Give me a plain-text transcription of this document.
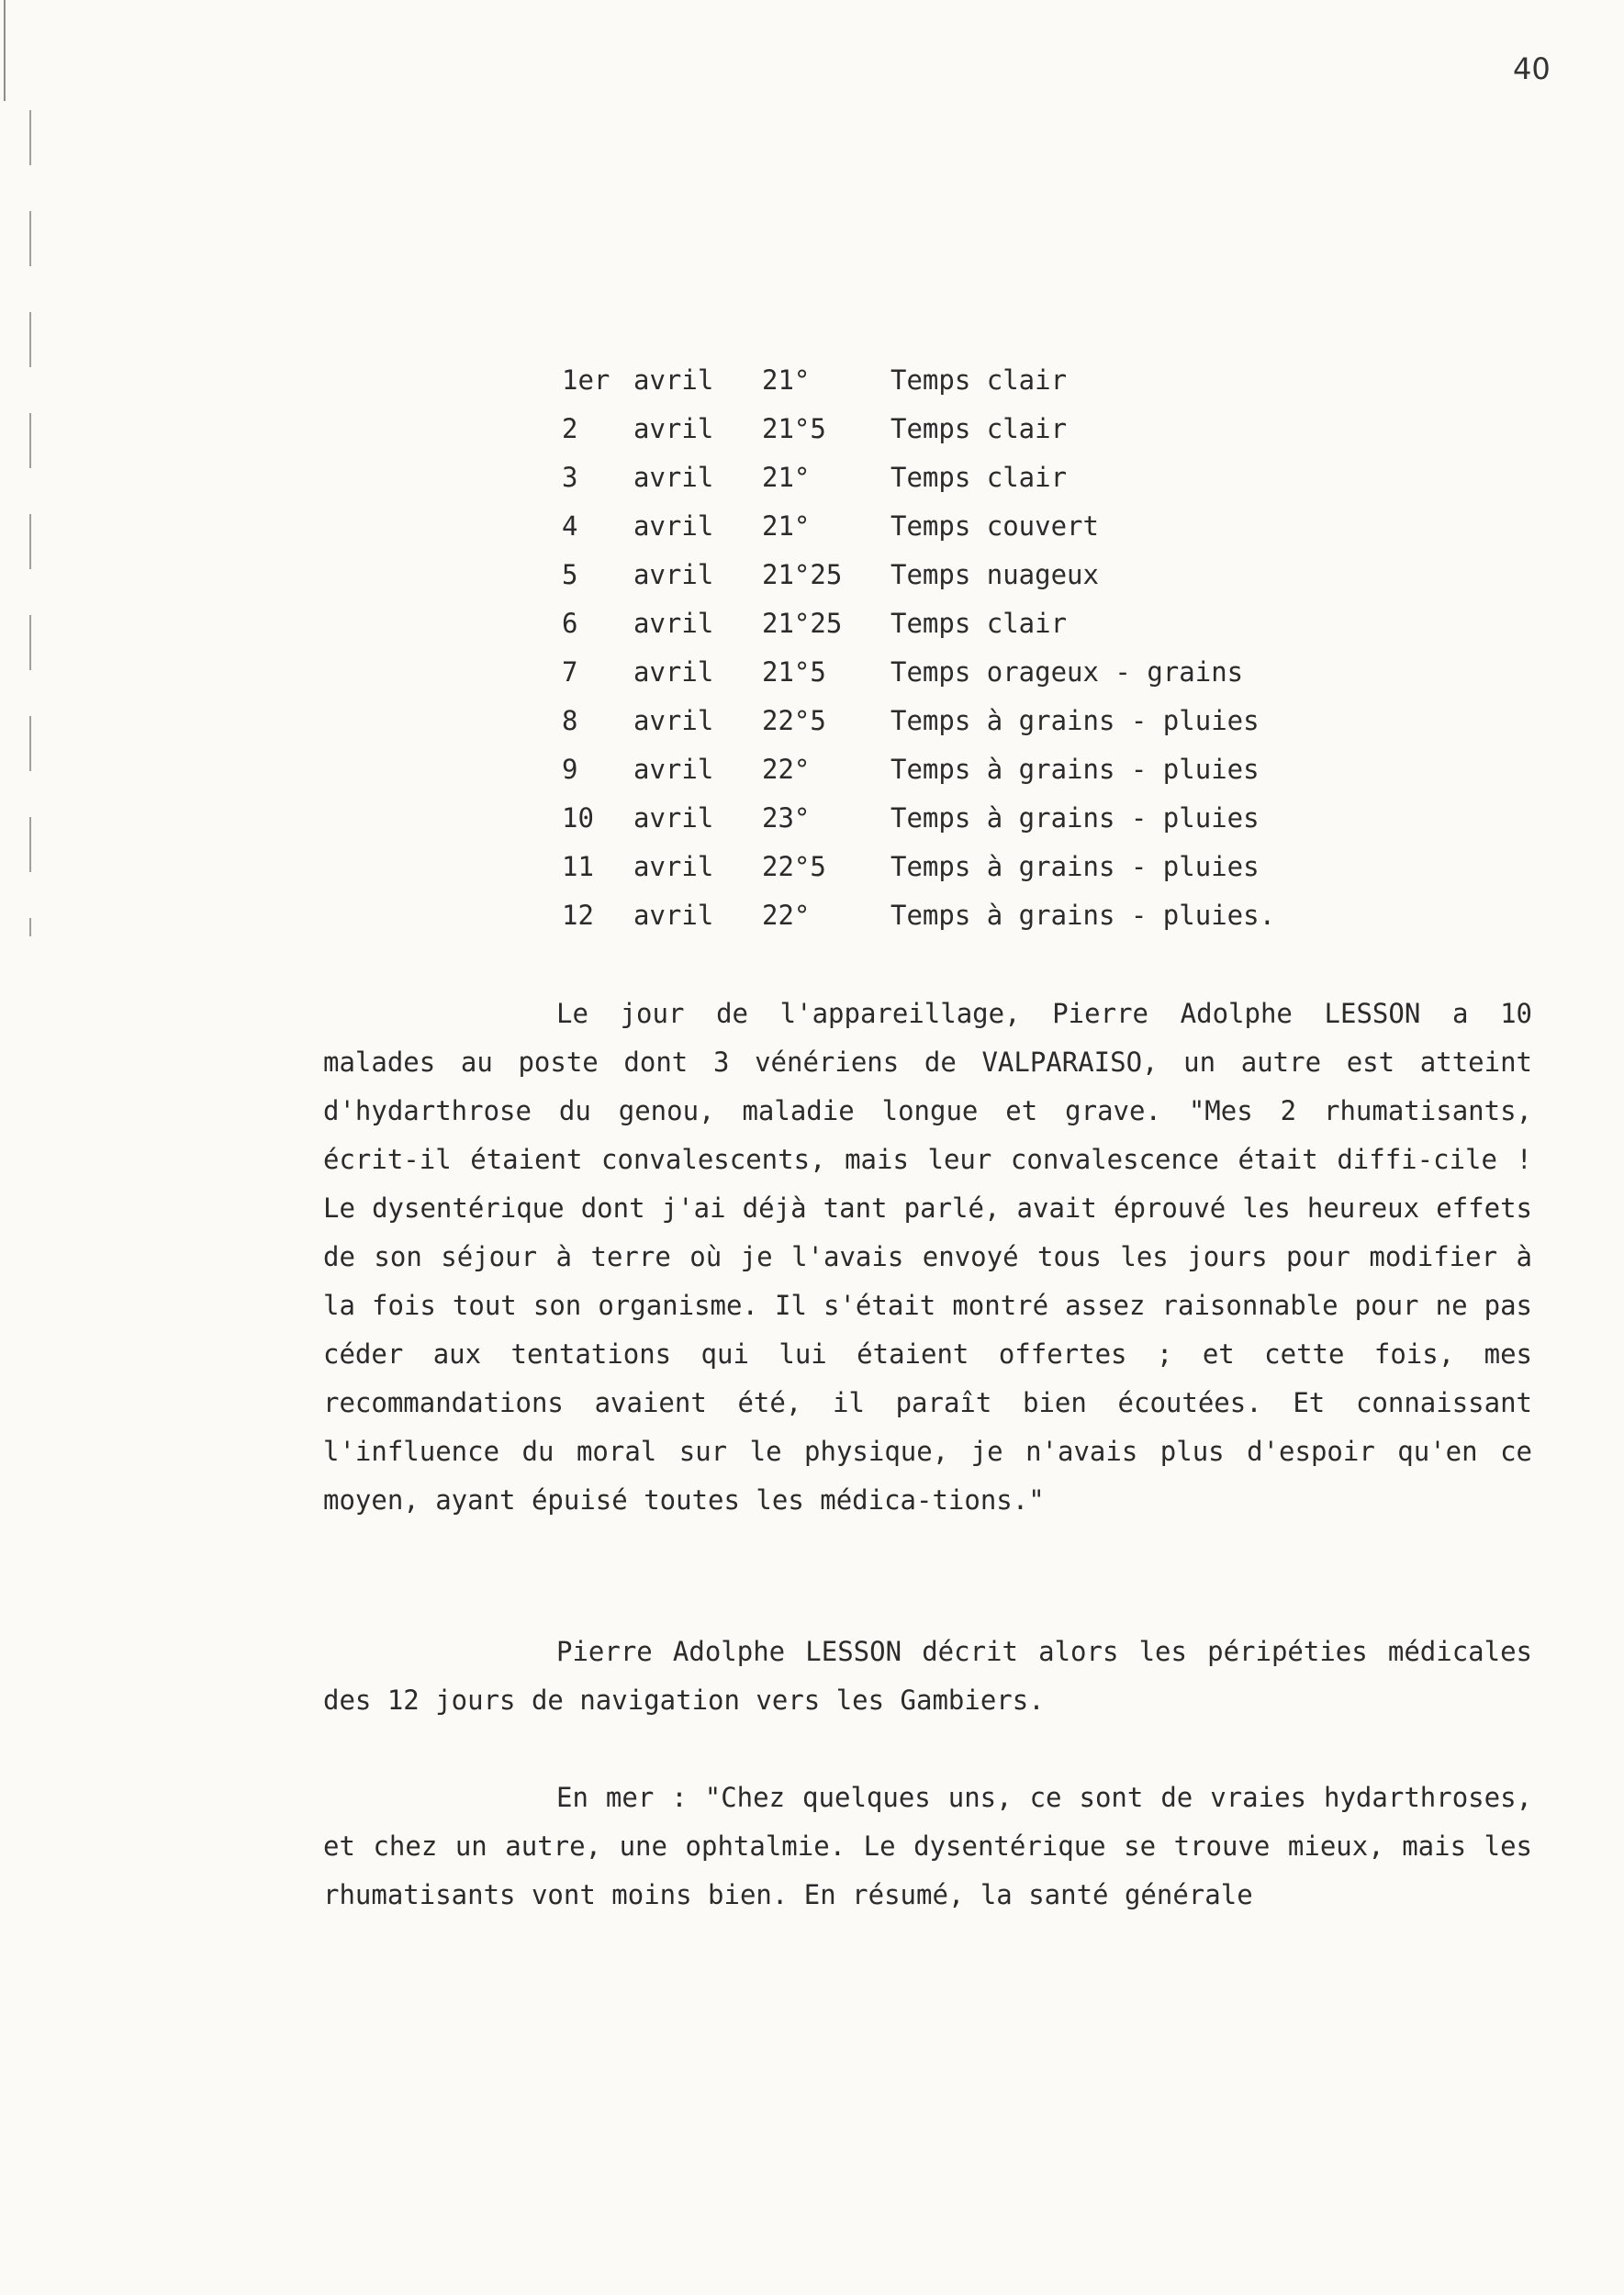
40
1er avril 21°	Temps clair
2 avril 21°5 Temps clair
3 avril 21°	Temps clair
4 avril 21°	Temps couvert
5 avril 21°25 Temps nuageux
6 avril 21°25 Temps clair
7 avril 21°5 Temps orageux - grains
8 avril 22°5 Temps à grains - pluies
9 avril 22°	Temps à grains - pluies
10 avril 23°	Temps à grains - pluies
11 avril 22°5 Temps à grains - pluies
12 avril 22°	Temps à grains - pluies.

Le jour de l'appareillage, Pierre Adolphe LESSON a 10 malades au poste dont 3 vénériens de VALPARAISO, un autre est atteint d'hydarthrose du genou, maladie longue et grave. "Mes 2 rhumatisants, écrit-il étaient convalescents, mais leur convalescence était diffi-cile ! Le dysentérique dont j'ai déjà tant parlé, avait éprouvé les heureux effets de son séjour à terre où je l'avais envoyé tous les jours pour modifier à la fois tout son organisme. Il s'était montré assez raisonnable pour ne pas céder aux tentations qui lui étaient offertes ; et cette fois, mes recommandations avaient été, il paraît bien écoutées. Et connaissant l'influence du moral sur le physique, je n'avais plus d'espoir qu'en ce moyen, ayant épuisé toutes les médica-tions."

Pierre Adolphe LESSON décrit alors les péripéties médicales des 12 jours de navigation vers les Gambiers.

En mer : "Chez quelques uns, ce sont de vraies hydarthroses, et chez un autre, une ophtalmie. Le dysentérique se trouve mieux, mais les rhumatisants vont moins bien. En résumé, la santé générale
